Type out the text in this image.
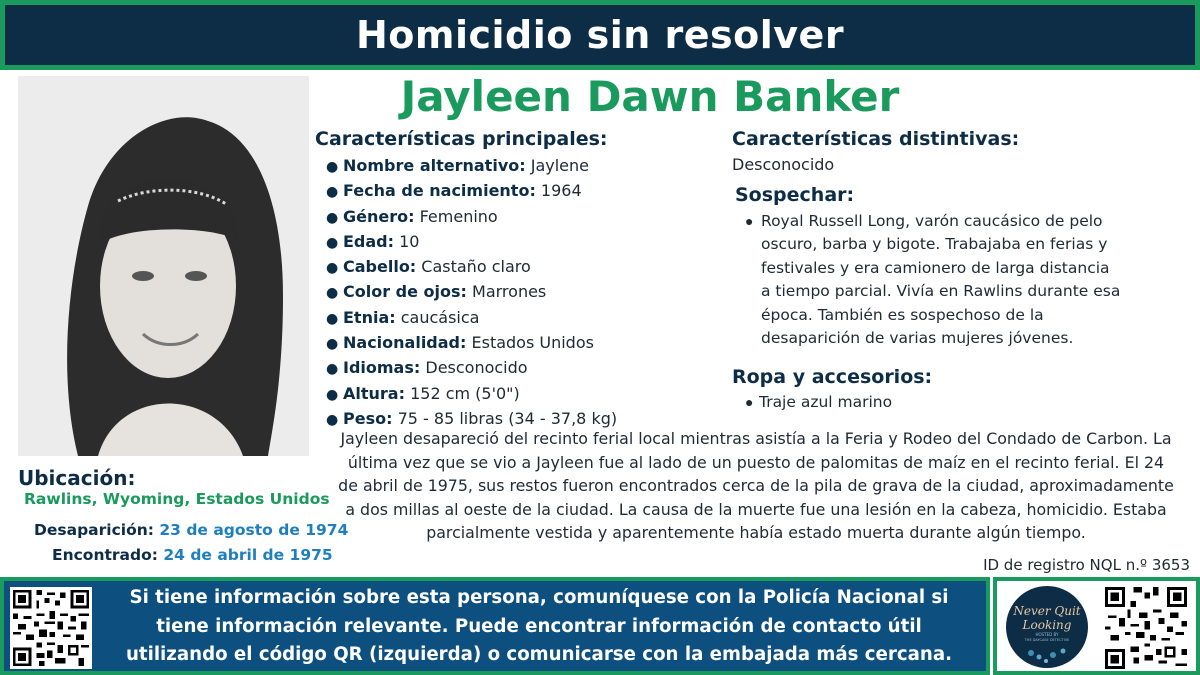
Homicidio sin resolver
Jayleen Dawn Banker
Ubicación:
Rawlins, Wyoming, Estados Unidos
Desaparición: 23 de agosto de 1974
Encontrado: 24 de abril de 1975
Características principales:
● Nombre alternativo: Jaylene
● Fecha de nacimiento: 1964
● Género: Femenino
● Edad: 10
● Cabello: Castaño claro
● Color de ojos: Marrones
● Etnia: caucásica
● Nacionalidad: Estados Unidos
● Idiomas: Desconocido
● Altura: 152 cm (5'0")
● Peso: 75 - 85 libras (34 - 37,8 kg)
Características distintivas:
Desconocido
Sospechar:
● Royal Russell Long, varón caucásico de pelo oscuro, barba y bigote. Trabajaba en ferias y festivales y era camionero de larga distancia a tiempo parcial. Vivía en Rawlins durante esa época. También es sospechoso de la desaparición de varias mujeres jóvenes.
Ropa y accesorios:
● Traje azul marino
Jayleen desapareció del recinto ferial local mientras asistía a la Feria y Rodeo del Condado de Carbon. La última vez que se vio a Jayleen fue al lado de un puesto de palomitas de maíz en el recinto ferial. El 24 de abril de 1975, sus restos fueron encontrados cerca de la pila de grava de la ciudad, aproximadamente a dos millas al oeste de la ciudad. La causa de la muerte fue una lesión en la cabeza, homicidio. Estaba parcialmente vestida y aparentemente había estado muerta durante algún tiempo.
ID de registro NQL n.º 3653
Si tiene información sobre esta persona, comuníquese con la Policía Nacional si tiene información relevante. Puede encontrar información de contacto útil utilizando el código QR (izquierda) o comunicarse con la embajada más cercana.
Never Quit
Looking
HOSTED BY
THE DAYCASE DETECTIVE
